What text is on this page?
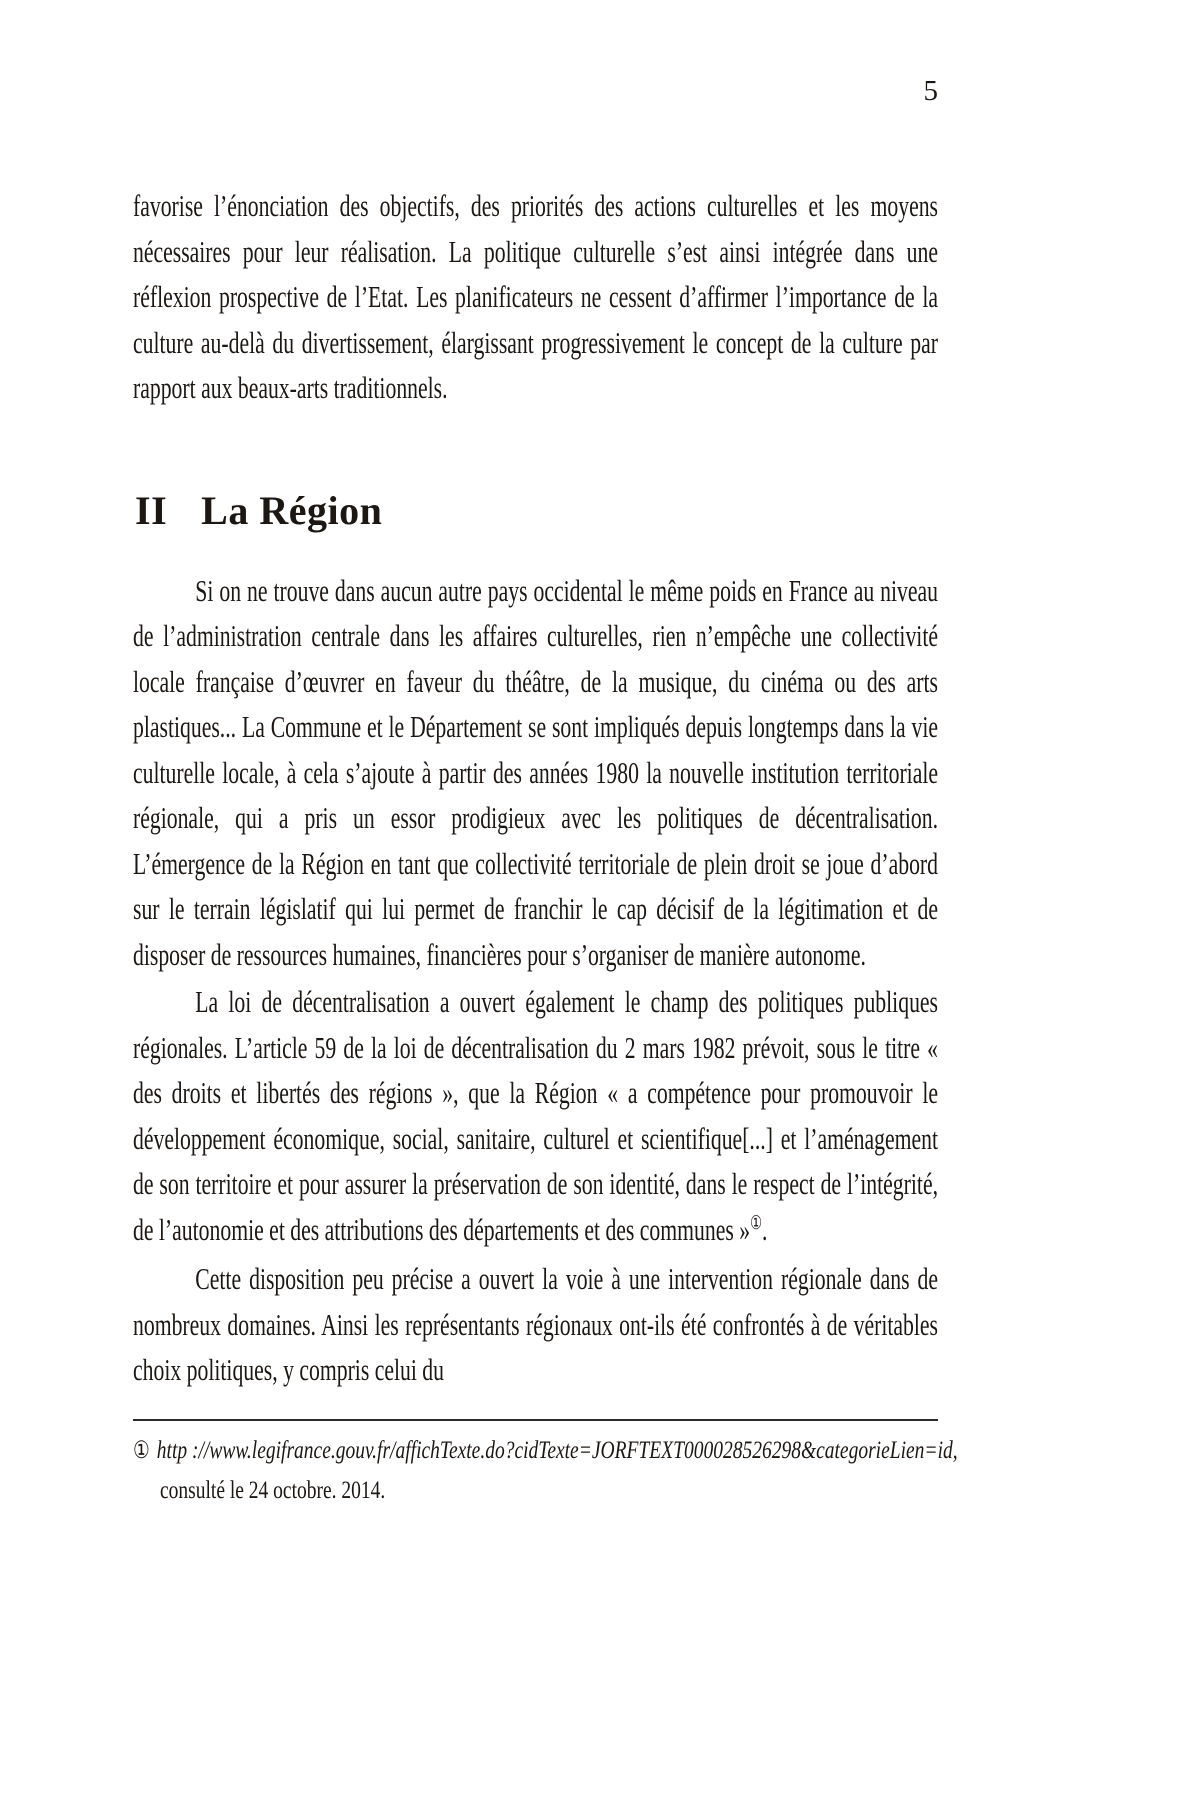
5

favorise l’énonciation des objectifs, des priorités des actions culturelles et les moyens nécessaires pour leur réalisation. La politique culturelle s’est ainsi intégrée dans une réflexion prospective de l’Etat. Les planificateurs ne cessent d’affirmer l’importance de la culture au-delà du divertissement, élargissant progressivement le concept de la culture par rapport aux beaux-arts traditionnels.

II La Région

Si on ne trouve dans aucun autre pays occidental le même poids en France au niveau de l’administration centrale dans les affaires culturelles, rien n’empêche une collectivité locale française d’œuvrer en faveur du théâtre, de la musique, du cinéma ou des arts plastiques... La Commune et le Département se sont impliqués depuis longtemps dans la vie culturelle locale, à cela s’ajoute à partir des années 1980 la nouvelle institution territoriale régionale, qui a pris un essor prodigieux avec les politiques de décentralisation. L’émergence de la Région en tant que collectivité territoriale de plein droit se joue d’abord sur le terrain législatif qui lui permet de franchir le cap décisif de la légitimation et de disposer de ressources humaines, financières pour s’organiser de manière autonome.

La loi de décentralisation a ouvert également le champ des politiques publiques régionales. L’article 59 de la loi de décentralisation du 2 mars 1982 prévoit, sous le titre « des droits et libertés des régions », que la Région « a compétence pour promouvoir le développement économique, social, sanitaire, culturel et scientifique[...] et l’aménagement de son territoire et pour assurer la préservation de son identité, dans le respect de l’intégrité, de l’autonomie et des attributions des départements et des communes »①.

Cette disposition peu précise a ouvert la voie à une intervention régionale dans de nombreux domaines. Ainsi les représentants régionaux ont-ils été confrontés à de véritables choix politiques, y compris celui du

① http ://www.legifrance.gouv.fr/affichTexte.do?cidTexte=JORFTEXT000028526298&categorieLien=id,
consulté le 24 octobre. 2014.
